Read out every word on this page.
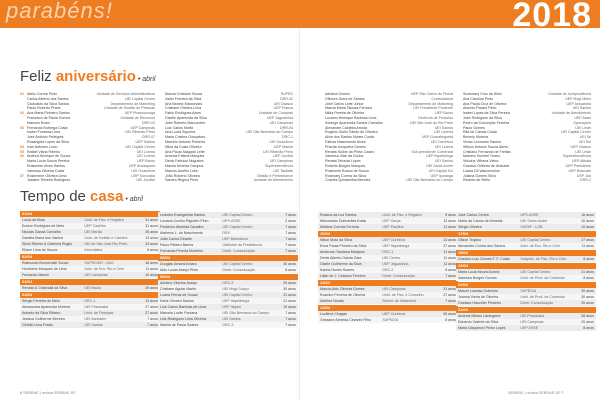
parabéns!	2018
Feliz aniversário • abril
01 Abilio Correa Pinto	Unidade de Serviços Administrativos
Carlos Alberto dos Santos	UEI Capital Centro
Clodoaldo da Silva Santos	Departamento de Marketing
Paulo Roberto Prado	Unidade de Gestão de Pessoas
02 Ana Maria Pinheiro Santos	UEP Pirassununga
Francisco de Paula Gomes	Unidade de Recursos
Marcelo Rossi	DRR-03
03 Fernanda Nobrega Costa	UEP Campinas
Isabel Fonseca Lima	UEI Ribeirão Preto
José Antônio Pellegrini	DRR-07
Rosangela Lopes da Silva	UEP Santos
04 Ivan Antunes Lucio	UEI Capital Centro
05 Rafael Viana Ribeiro	UEI Lorena
06 Andrea Henrique de Souza	UEI Lorena
Maria Lucia Souza Pereira	UEP Bauru
Rosimeire Alves Santos	UEP Araraquara
Vanessa Oliveira Costa	UEI Guarulhos
07 Rosemeire Oliveira Lima	UEP Sorocaba
Josiane Teixeira Rodrigues	UEI Jundiaí
Marcia Cristiane Souza	SUPED
Valdir Ferreira da Silva	DRR-02
Ana Beatriz Marcondes	UEI Osasco
Cristiane Oliveira Lima	UEP Franca
Fabio Rodrigues Alves	Unidade de Compras
Giselle Aparecida da Silva	UEP Jaguariúna
José Roberto Marcondes	UEI Campinas
Luiz Carlos Motta	DRR-04
Ana Lucia Siqueira	UEI São Bernardo do Campo
Maria Cristina Gonçalves	DRC-1
Marcelo Antonio Pinheiro	UEI Guarulhos
Nilza da Costa Oliveira	UEP Marília
Ana Paula Salgado Leite	UEI Ribeirão Preto
Andreia Fatima Marques	UEP Jundiaí
Denis Fabricio Nogueira	UEI Campinas
Marcia Moreira Campos	Superintendência
Marcos Aurélio Lobo	UEI Taubaté
João Roberto Oliveira	Gestão e Performance
Sandra Regina Pires	Unidade de Atendimento
Adriana Gomes	UEP São Carlos do Pinhal
Gilmore Dutra de Santos	Controladoria
José Carlos Leite Júnior	Departamento de Marketing
Marcia Maria Tabosa Ferreira	UEI Presidente Prudente
Nilda Pereira de Oliveira	UEP Bauru
Luciano Henrique Barbosa Lima	Gerência de Produtos
Solange Aparecida Santos Carvalho	UEI São José do Rio Preto
Alexandre Caldeira Arruda	UEI Santos
Rogério Giulio Toledo de Oliveira	UEI Limeira
Aline dos Santos Nunes Costa	UEP Guaratinguetá
Fátima Nascimento Alves	UEI Carrefour
Priscila Junqueira Gomes	UEI Lorena
Renata Suline da Pinho Castro	Sub-presidente Comercial
Vanessa Vilar da Cunha	UEP Itapetininga
Renata Teixeira Lopes	UEI Santos
Roberto Borges Marques	UEI Santo André
Rosimeire Bueno de Souza	UEI Capital Sul
Rosimary Correa da Silva	UEP Iporanga
Charles Quintanilha Mendes	UEI São Bernardo do Campo
Suzemary Cruz da Silva	Unidade de Jurisprudência
Ana Carolina Pinto	UEP Mogi Mirim
Ana Paula Cruz de Oliveira	UEP Araçatuba
Antonio Pavani Pinto	UEI Santos
Isabel Lopes da Silva Pereira	Unidade de Atendimento
José Rodrigues da Silva	UEP Assis
Pedro da Conceição Ferreira	Operações
Paulo Gomes	UEI Leste
Rita de Cássia Costa	UEI Capital Centro
Beverly Moreira	UEI Sé
Vivian Leonardo Santos	UEI Sul
Wilson Antonio Souza Abreu	UEP Osasco
Cristiano Fernando de Freitas	UEI Leste
Marcelo Sucheri Torres	Superintendência
Vinicius Vilhena Vieira	UEP Atibaia
Gustavo Gilberto de Andrade	UEP Presidente
Luana Gil Vasconcelos	UEP Botucatu
Juliana Gomes Silva	UEP Jaú
Ricardo de Mello	DRR-2
Tempo de casa • abril
01/04
Lucia da Mota	Unid. de Fisc. e Registro	31 anos
Eunice Rodrigues de Melo	UEP Castilho	31 anos
Nicolas Garcia Carvalho	UEI Marília	26 anos
Daniela Maria dos Santos	Unid. de Gestão e Carreira	13 anos
Silvio Ribeiro & Gabriela Ruglio	UEI de São José Rio Preto	23 anos
Eliane Lima de Souza	Informática	8 anos
02/04
Raimundo Bonnevalle Souza	SUPED/DR - SAG	16 anos
Humberto Marques de Lima	Adm. de Eco. Rio e Cém	11 anos
Fernando Maciel	UEI Campinas	10 anos
03/04
Renata & Chiaradia da Silva	UEI Bauru	29 anos
04/04
Sérgio Ferreira de Melo	DRC-1	13 anos
Alessandra Aparecida Moreira	UEI Piracicaba	27 anos
Antonio da Silva Ribeiro	Unid. de Finanças	27 anos
Jessica Guilherme Moreira	UEI Itanhaém	7 anos
Getúlio Lima Prado	UEI Santos	7 anos
Leandro Evangelista Santos	UEI Capital Centro	7 anos
Luciana Coelho Riguetto Pinto	UPS-ASSE	2 anos
Frederico Almeida Caratino	UEI Capital Centro	7 anos
Matheus L. do Nascimento	DRX	7 anos
João Carlos Dinarte	UEP Bebedouro	7 anos
Paulo Ribeiro Barros	Gabinete da Presidência	7 anos
Fernanda Pereira Monteiro	Diretr. Comunicação	7 anos
05/04
Douglas Amaral Amaro	UEI Capital Centro	30 anos
Aldo Lucas Araújo Pinto	Diretr. Comunicação	8 anos
06/04
Adriano Vinicius Araujo	DRC-3	29 anos
Cristiane Aguiar Martin	UEI Mogi Guaçu	30 anos
Luana Ferraz de Souza	UEI Capital Centro	21 anos
Karla Oliveira Santos	UEP Itapetininga	21 anos
Luis Carlos Barbosa de Lima	UEP Itapira	19 anos
Marcela Lucile Fontana	UEI São Bernardo do Campo	7 anos
Luis Rodrigues Lima Oliveira	UEI Santos	7 anos
Marília de Paula Soares	DRC-3	7 anos
Rosana da Luz Santos	Unid. de Fisc. e Registro	9 anos
Wenceslau Guimarães Kollar	UEP Garça	13 anos
Midiane Correia Ferreira	UEP Pauliina	11 anos
10/04
Nilton Mota da Silva	UEP Ourinhos	13 anos
Erica Paula Pinheiro da Silva	UEP Itapetininga	27 anos
Anderson Santana Marques	DRC-1	11 anos
Denis Alberto Gaiola Gaia	UEI Centro	11 anos
Gisele Guilherme da Silva	UEP Jaguariúna	11 anos
Karina Nunes Soares	DRC-2	8 anos
Lilian de J. Cardoso Ferreira	Diretr. Comunicação	7 anos
11/04
Marcia Aldo Oliveira Gomes	UEI Campinas	31 anos
Evandro Ferreira de Oliveira	Unid. de Fisc. e Conselho	27 anos
Adelina Novais	Secret. de Infraestrut.	7 anos
12/04
Lucilene Chagas	UEP Ourinhos	20 anos
Grissane Almeida Cezarini Filho	SUPED/D	8 anos
José Carlos Centro	UPS-ASSE	16 anos
Maria da Carmo de Almeida	UEI Santo André	10 anos
Sérgio Oliveira	SUPAF - LGB	10 anos
17/04
Gilson Trojano	UEI Capital Centro	27 anos
Alexandre Corrêa dos Santos	Adm. de Eco. Rio e Cém	11 anos
18/04
Gustavo Luiz Gomes F. F. Costa	Subpres. de Fisc. Rio e Cém	8 anos
19/04
Maria Lucia Moura Aurora	UEI Capital Centro	31 anos
Vanessa Borges Gomes	Unid. de Prod. de Conteúdo	8 anos
20/04
Marcel Lustosa Sobrinho	SUPED/A	30 anos
Joanna Vieira de Oliveira	Unid. de Prod. de Conteúdo	30 anos
Gustavo Hauchler Pinheiro	Diretr. Comunicação	20 anos
21/04
Andreia Miriam Larangeira	UEI Piracicaba	28 anos
Eduardo Valente da Silva	UEI Campinas	20 anos
Maria Gasparoni Pinho Lopes	UEP ASSE	8 anos
6 SEBRAE | revista SEBRAE-SP	SEBRAE | revista SEBRAE-SP 7
